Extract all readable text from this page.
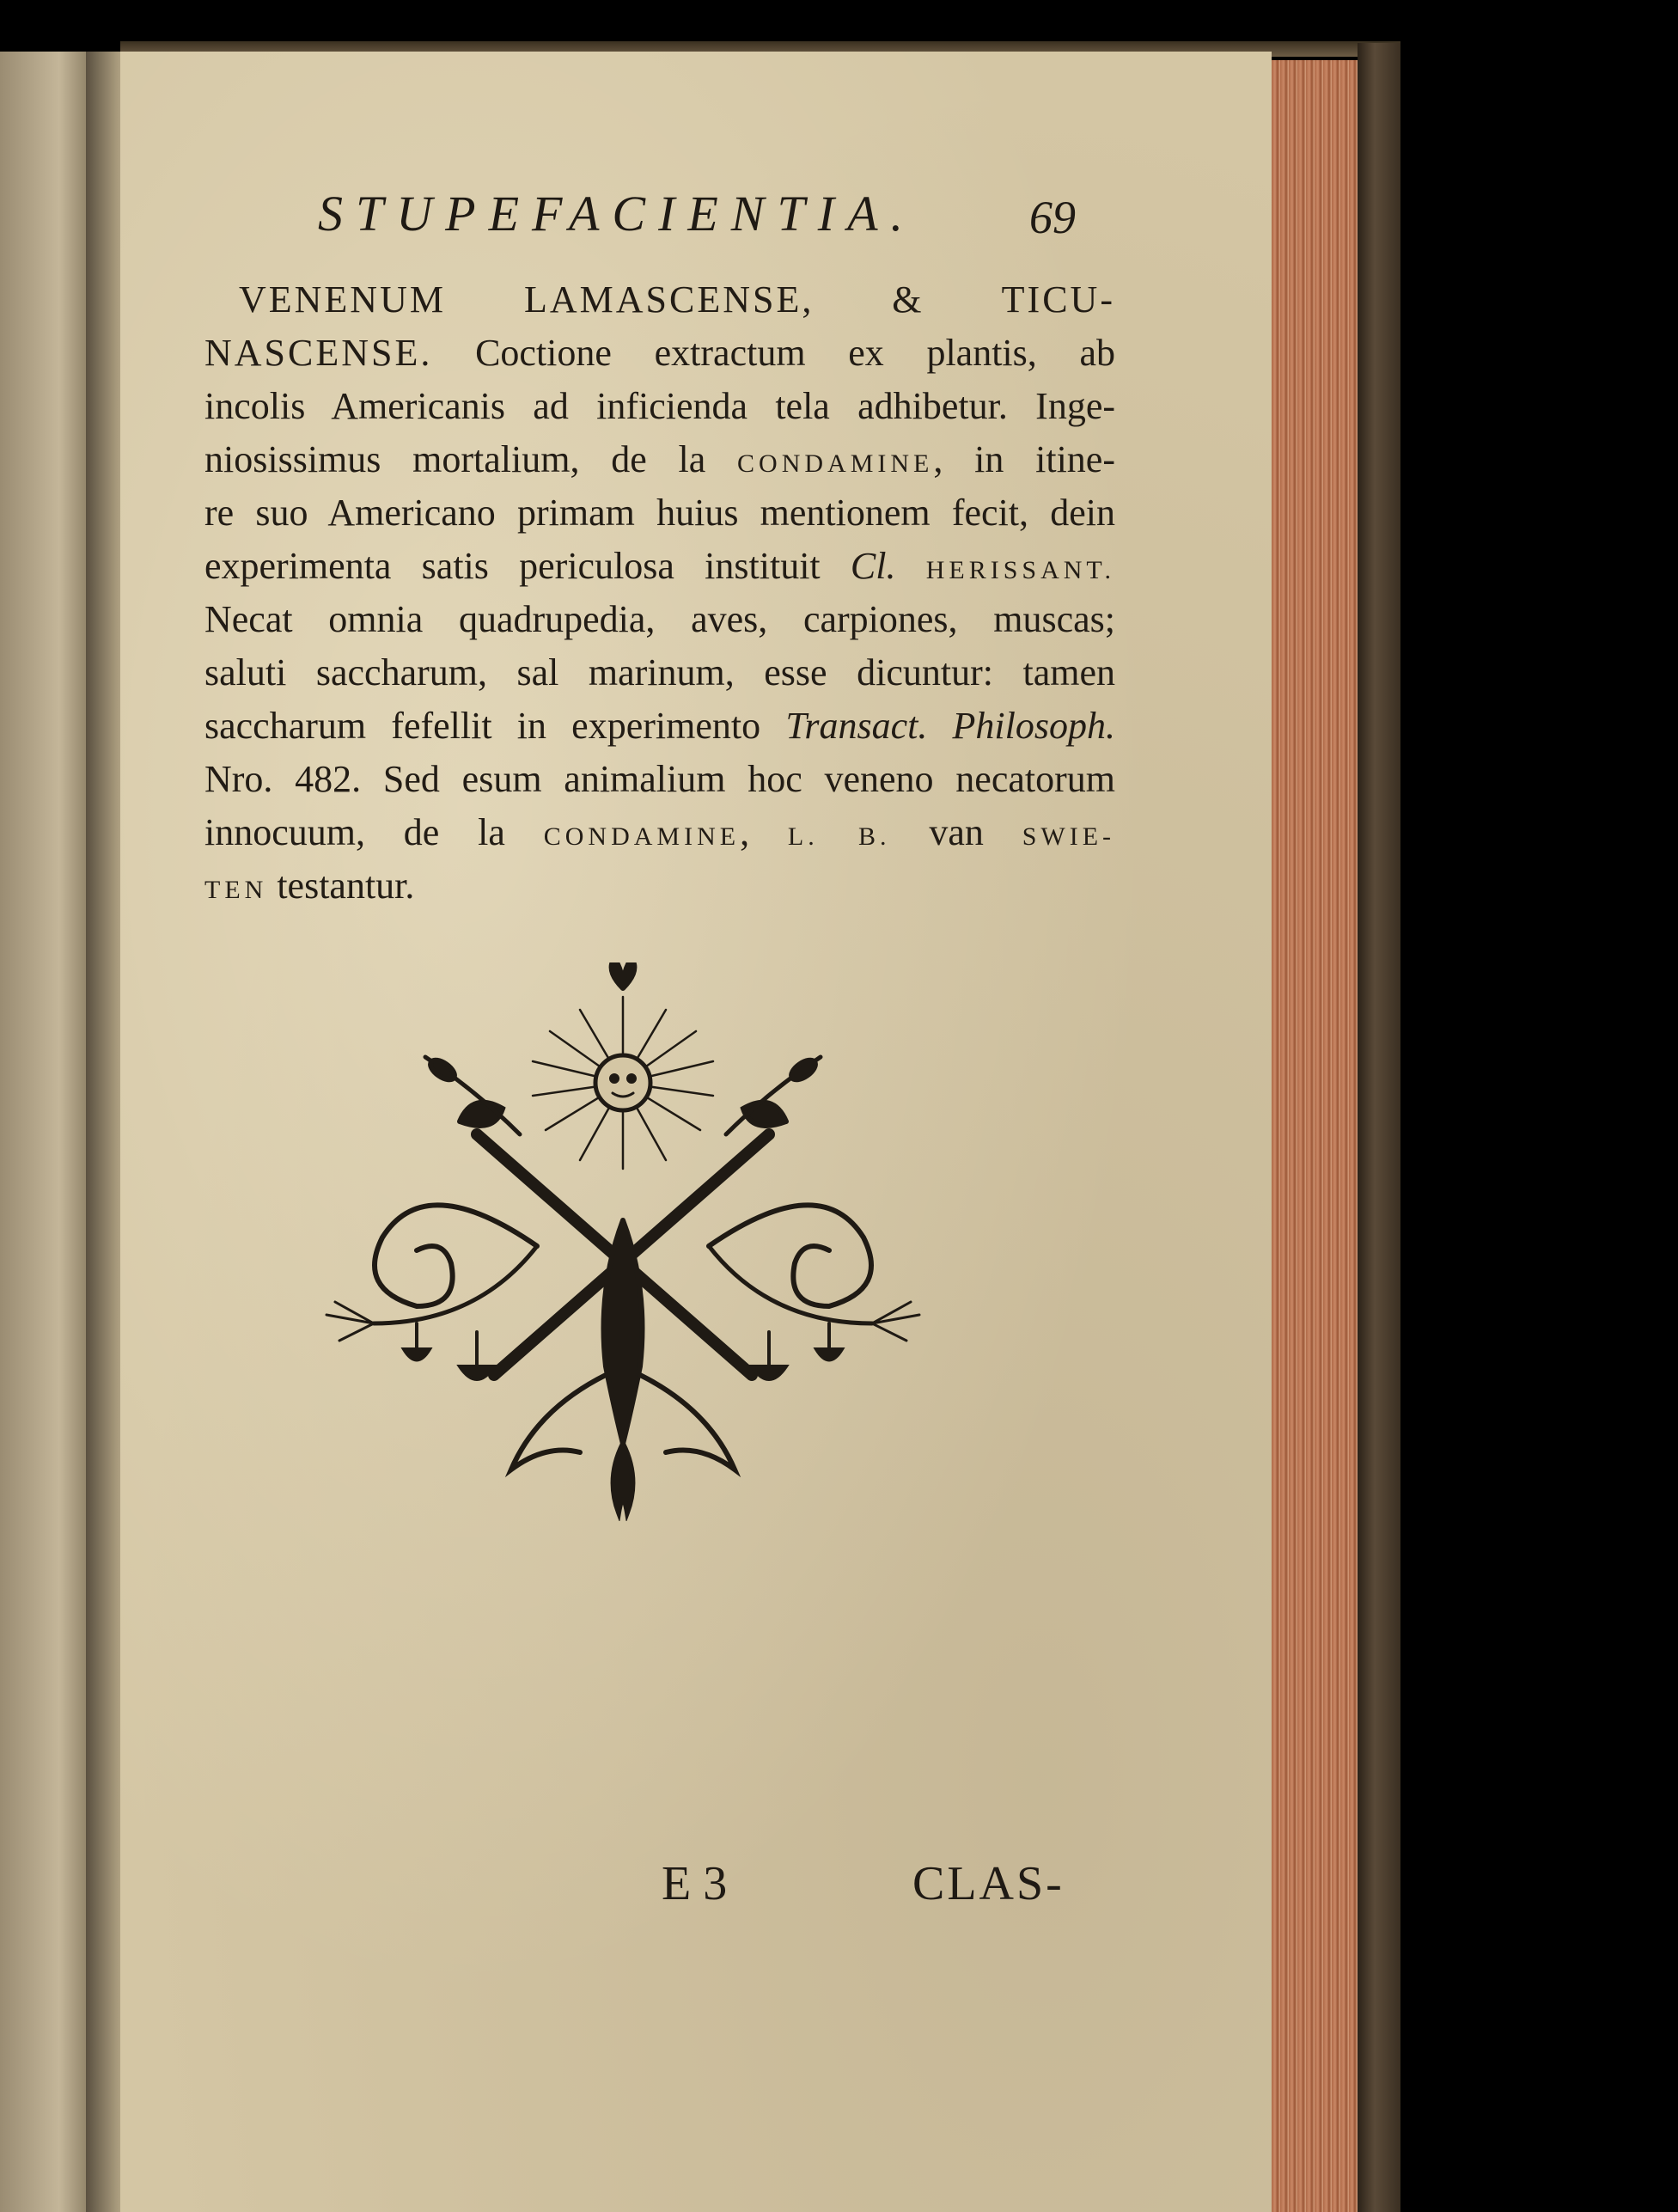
STUPEFACIENTIA.	69
VENENUM LAMASCENSE, & TICU-
NASCENSE. Coctione extractum ex plantis, ab
incolis Americanis ad inficienda tela adhibetur. Inge-
niosissimus mortalium, de la CONDAMINE, in itine-
re suo Americano primam huius mentionem fecit, dein
experimenta satis periculosa instituit Cl. HERISSANT.
Necat omnia quadrupedia, aves, carpiones, muscas;
saluti saccharum, sal marinum, esse dicuntur: tamen
saccharum fefellit in experimento Transact. Philosoph.
Nro. 482. Sed esum animalium hoc veneno necatorum
innocuum, de la CONDAMINE, L. B. van SWIE-
TEN testantur.
E 3	CLAS-
